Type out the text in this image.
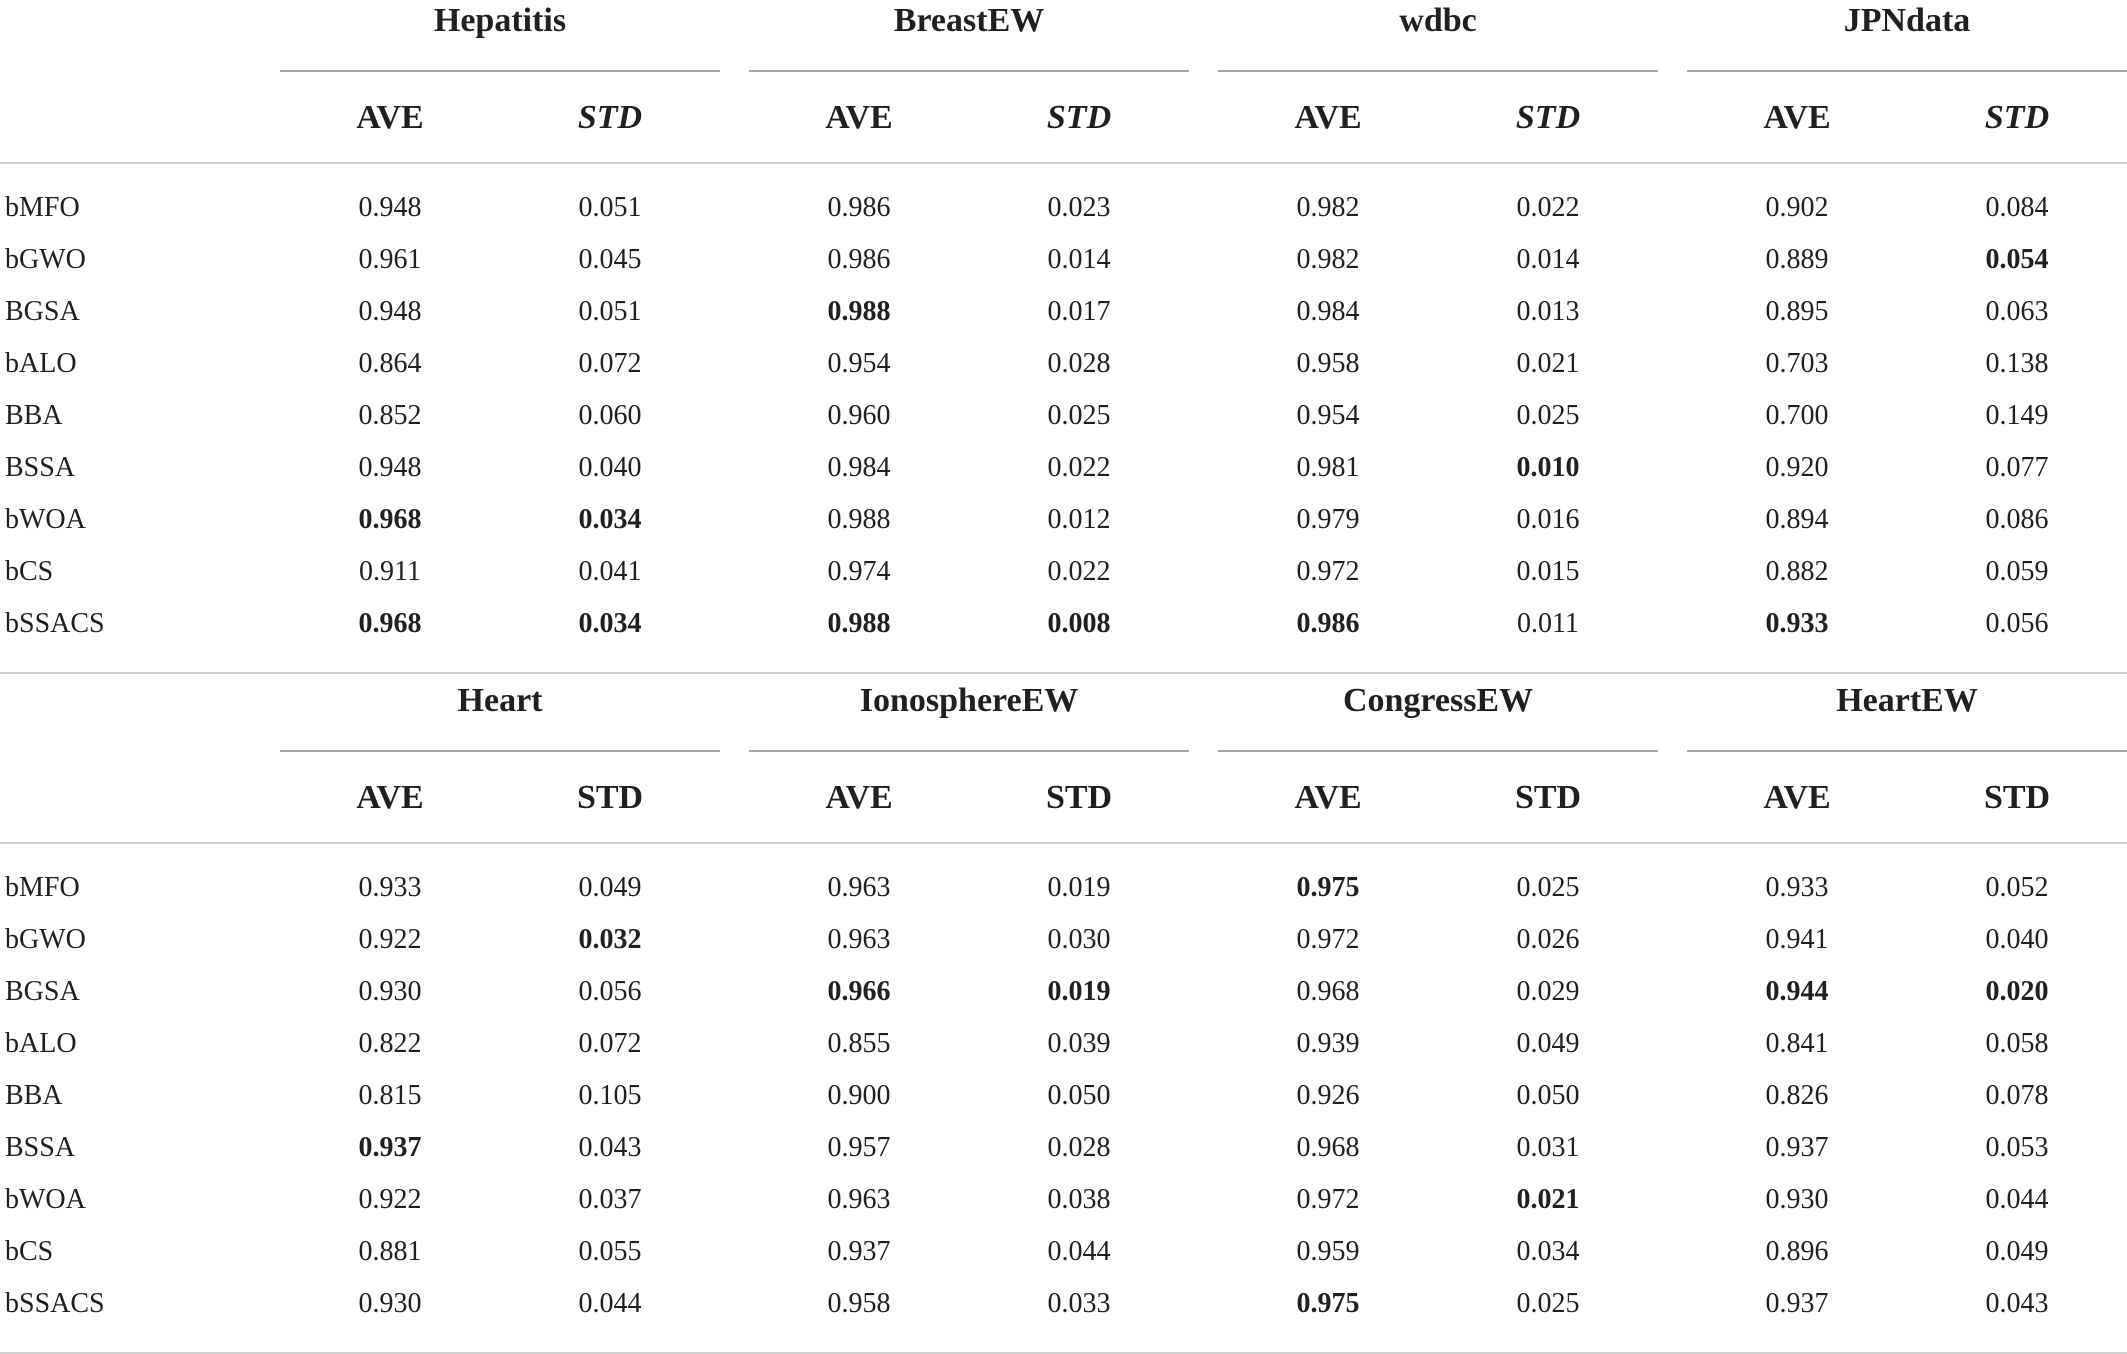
	Hepatitis			BreastEW			wdbc			JPNdata	
	AVE	STD		AVE	STD		AVE	STD		AVE	STD
bMFO	0.948	0.051		0.986	0.023		0.982	0.022		0.902	0.084
bGWO	0.961	0.045		0.986	0.014		0.982	0.014		0.889	0.054
BGSA	0.948	0.051		0.988	0.017		0.984	0.013		0.895	0.063
bALO	0.864	0.072		0.954	0.028		0.958	0.021		0.703	0.138
BBA	0.852	0.060		0.960	0.025		0.954	0.025		0.700	0.149
BSSA	0.948	0.040		0.984	0.022		0.981	0.010		0.920	0.077
bWOA	0.968	0.034		0.988	0.012		0.979	0.016		0.894	0.086
bCS	0.911	0.041		0.974	0.022		0.972	0.015		0.882	0.059
bSSACS	0.968	0.034		0.988	0.008		0.986	0.011		0.933	0.056
	Heart			IonosphereEW			CongressEW			HeartEW	
	AVE	STD		AVE	STD		AVE	STD		AVE	STD
bMFO	0.933	0.049		0.963	0.019		0.975	0.025		0.933	0.052
bGWO	0.922	0.032		0.963	0.030		0.972	0.026		0.941	0.040
BGSA	0.930	0.056		0.966	0.019		0.968	0.029		0.944	0.020
bALO	0.822	0.072		0.855	0.039		0.939	0.049		0.841	0.058
BBA	0.815	0.105		0.900	0.050		0.926	0.050		0.826	0.078
BSSA	0.937	0.043		0.957	0.028		0.968	0.031		0.937	0.053
bWOA	0.922	0.037		0.963	0.038		0.972	0.021		0.930	0.044
bCS	0.881	0.055		0.937	0.044		0.959	0.034		0.896	0.049
bSSACS	0.930	0.044		0.958	0.033		0.975	0.025		0.937	0.043
